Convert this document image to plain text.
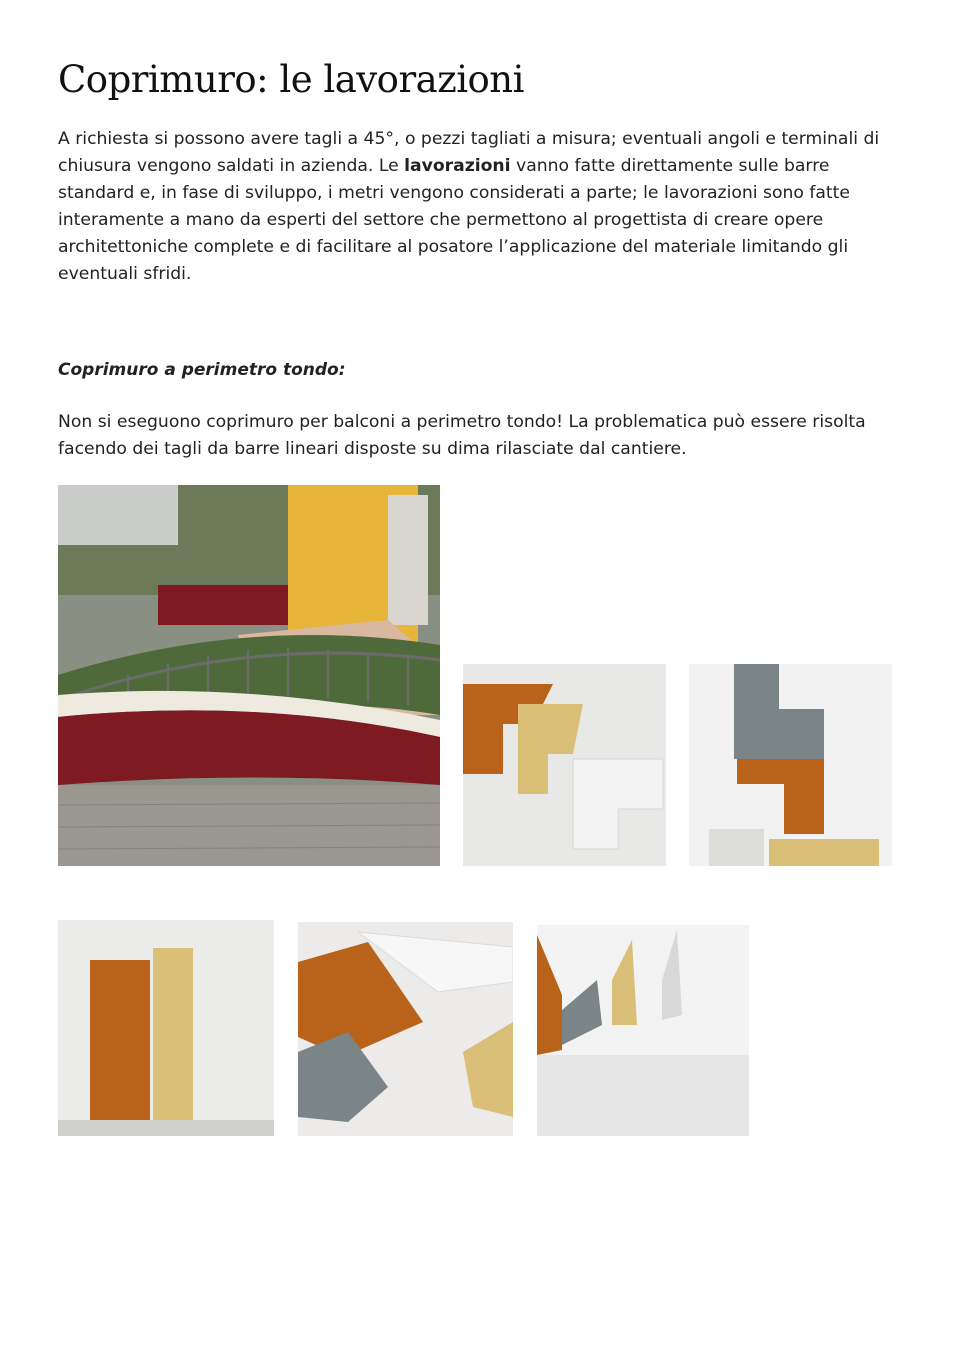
Coprimuro: le lavorazioni

A richiesta si possono avere tagli a 45°, o pezzi tagliati a misura; eventuali angoli e terminali di chiusura vengono saldati in azienda. Le lavorazioni vanno fatte direttamente sulle barre standard e, in fase di sviluppo, i metri vengono considerati a parte; le lavorazioni sono fatte interamente a mano da esperti del settore che permettono al progettista di creare opere architettoniche complete e di facilitare al posatore l’applicazione del materiale limitando gli eventuali sfridi.

Coprimuro a perimetro tondo:

Non si eseguono coprimuro per balconi a perimetro tondo! La problematica può essere risolta facendo dei tagli da barre lineari disposte su dima rilasciate dal cantiere.
